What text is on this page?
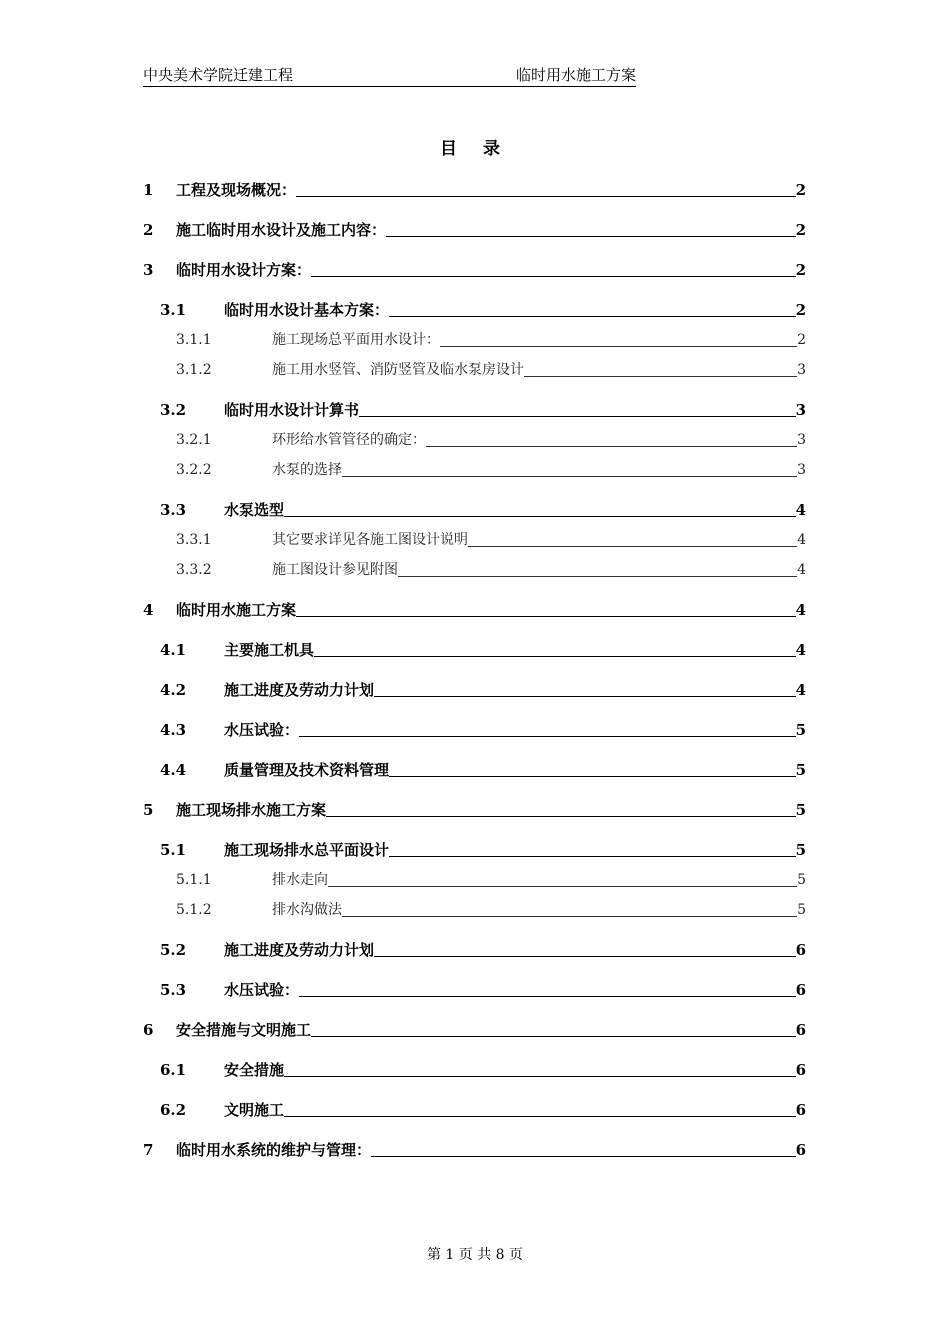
中央美术学院迁建工程	临时用水施工方案
目 录
1 工程及现场概况：	2
2 施工临时用水设计及施工内容：	2
3 临时用水设计方案：	2
3.1	临时用水设计基本方案：	2
3.1.1	施工现场总平面用水设计：	2
3.1.2	施工用水竖管、消防竖管及临水泵房设计	3
3.2	临时用水设计计算书	3
3.2.1	环形给水管管径的确定：	3
3.2.2	水泵的选择	3
3.3	水泵选型	4
3.3.1	其它要求详见各施工图设计说明	4
3.3.2	施工图设计参见附图	4
4 临时用水施工方案	4
4.1	主要施工机具	4
4.2	施工进度及劳动力计划	4
4.3	水压试验：	5
4.4	质量管理及技术资料管理	5
5 施工现场排水施工方案	5
5.1	施工现场排水总平面设计	5
5.1.1	排水走向	5
5.1.2	排水沟做法	5
5.2	施工进度及劳动力计划	6
5.3	水压试验：	6
6 安全措施与文明施工	6
6.1	安全措施	6
6.2	文明施工	6
7 临时用水系统的维护与管理：	6
第 1 页 共 8 页
